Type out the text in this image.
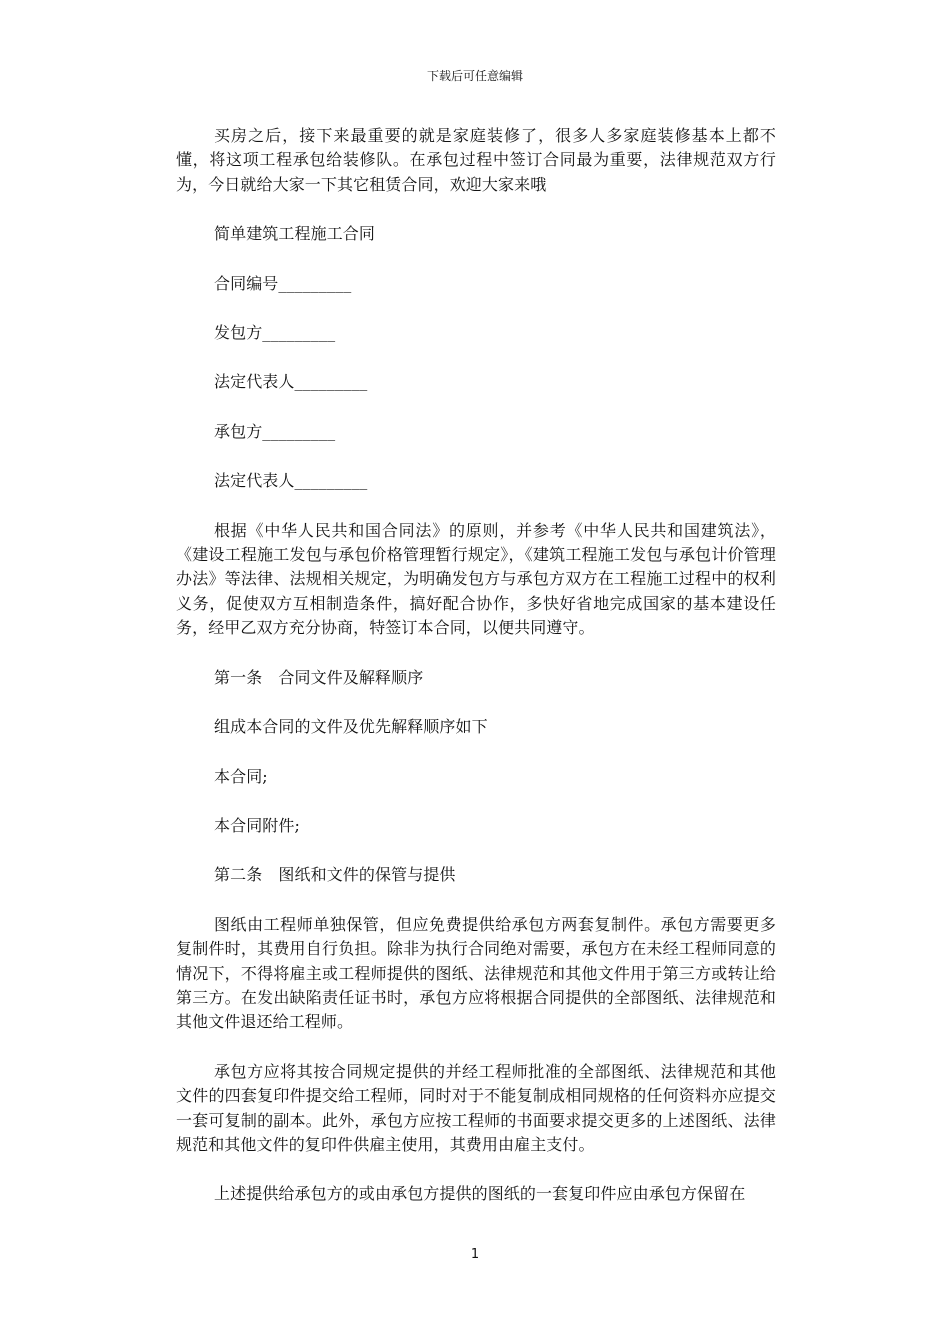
下载后可任意编辑

买房之后，接下来最重要的就是家庭装修了，很多人多家庭装修基本上都不懂，将这项工程承包给装修队。在承包过程中签订合同最为重要，法律规范双方行为，今日就给大家一下其它租赁合同，欢迎大家来哦

简单建筑工程施工合同

合同编号_________

发包方_________

法定代表人_________

承包方_________

法定代表人_________

根据《中华人民共和国合同法》的原则，并参考《中华人民共和国建筑法》，《建设工程施工发包与承包价格管理暂行规定》，《建筑工程施工发包与承包计价管理办法》等法律、法规相关规定，为明确发包方与承包方双方在工程施工过程中的权利义务，促使双方互相制造条件，搞好配合协作，多快好省地完成国家的基本建设任务，经甲乙双方充分协商，特签订本合同，以便共同遵守。

第一条　合同文件及解释顺序

组成本合同的文件及优先解释顺序如下

本合同;

本合同附件;

第二条　图纸和文件的保管与提供

图纸由工程师单独保管，但应免费提供给承包方两套复制件。承包方需要更多复制件时，其费用自行负担。除非为执行合同绝对需要，承包方在未经工程师同意的情况下，不得将雇主或工程师提供的图纸、法律规范和其他文件用于第三方或转让给第三方。在发出缺陷责任证书时，承包方应将根据合同提供的全部图纸、法律规范和其他文件退还给工程师。

承包方应将其按合同规定提供的并经工程师批准的全部图纸、法律规范和其他文件的四套复印件提交给工程师，同时对于不能复制成相同规格的任何资料亦应提交一套可复制的副本。此外，承包方应按工程师的书面要求提交更多的上述图纸、法律规范和其他文件的复印件供雇主使用，其费用由雇主支付。

上述提供给承包方的或由承包方提供的图纸的一套复印件应由承包方保留在

1
